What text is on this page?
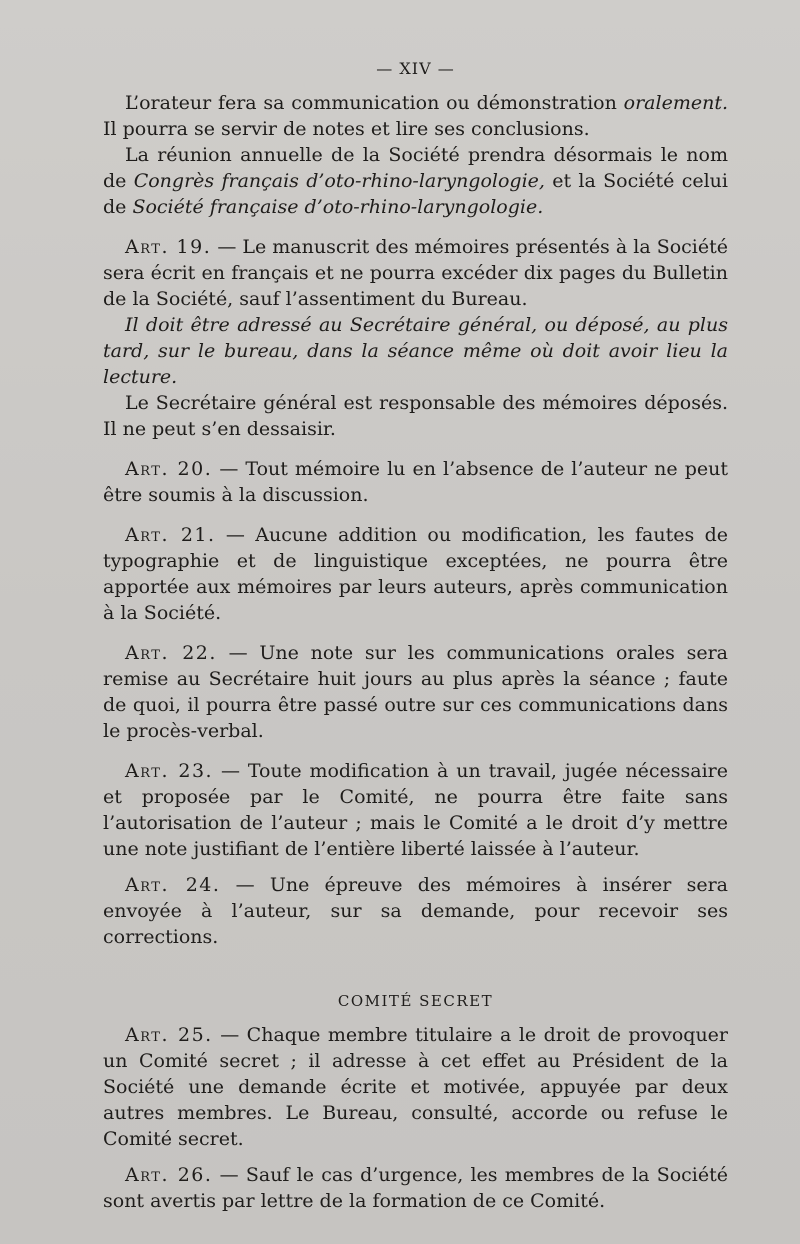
— XIV —

L’orateur fera sa communication ou démonstration oralement. Il pourra se servir de notes et lire ses conclusions.

La réunion annuelle de la Société prendra désormais le nom de Congrès français d’oto-rhino-laryngologie, et la Société celui de Société française d’oto-rhino-laryngologie.

Art. 19. — Le manuscrit des mémoires présentés à la Société sera écrit en français et ne pourra excéder dix pages du Bulletin de la Société, sauf l’assentiment du Bureau.

Il doit être adressé au Secrétaire général, ou déposé, au plus tard, sur le bureau, dans la séance même où doit avoir lieu la lecture.

Le Secrétaire général est responsable des mémoires déposés. Il ne peut s’en dessaisir.

Art. 20. — Tout mémoire lu en l’absence de l’auteur ne peut être soumis à la discussion.

Art. 21. — Aucune addition ou modification, les fautes de typographie et de linguistique exceptées, ne pourra être apportée aux mémoires par leurs auteurs, après communication à la Société.

Art. 22. — Une note sur les communications orales sera remise au Secrétaire huit jours au plus après la séance ; faute de quoi, il pourra être passé outre sur ces communications dans le procès-verbal.

Art. 23. — Toute modification à un travail, jugée nécessaire et proposée par le Comité, ne pourra être faite sans l’autorisation de l’auteur ; mais le Comité a le droit d’y mettre une note justifiant de l’entière liberté laissée à l’auteur.

Art. 24. — Une épreuve des mémoires à insérer sera envoyée à l’auteur, sur sa demande, pour recevoir ses corrections.

COMITÉ SECRET

Art. 25. — Chaque membre titulaire a le droit de provoquer un Comité secret ; il adresse à cet effet au Président de la Société une demande écrite et motivée, appuyée par deux autres membres. Le Bureau, consulté, accorde ou refuse le Comité secret.

Art. 26. — Sauf le cas d’urgence, les membres de la Société sont avertis par lettre de la formation de ce Comité.
